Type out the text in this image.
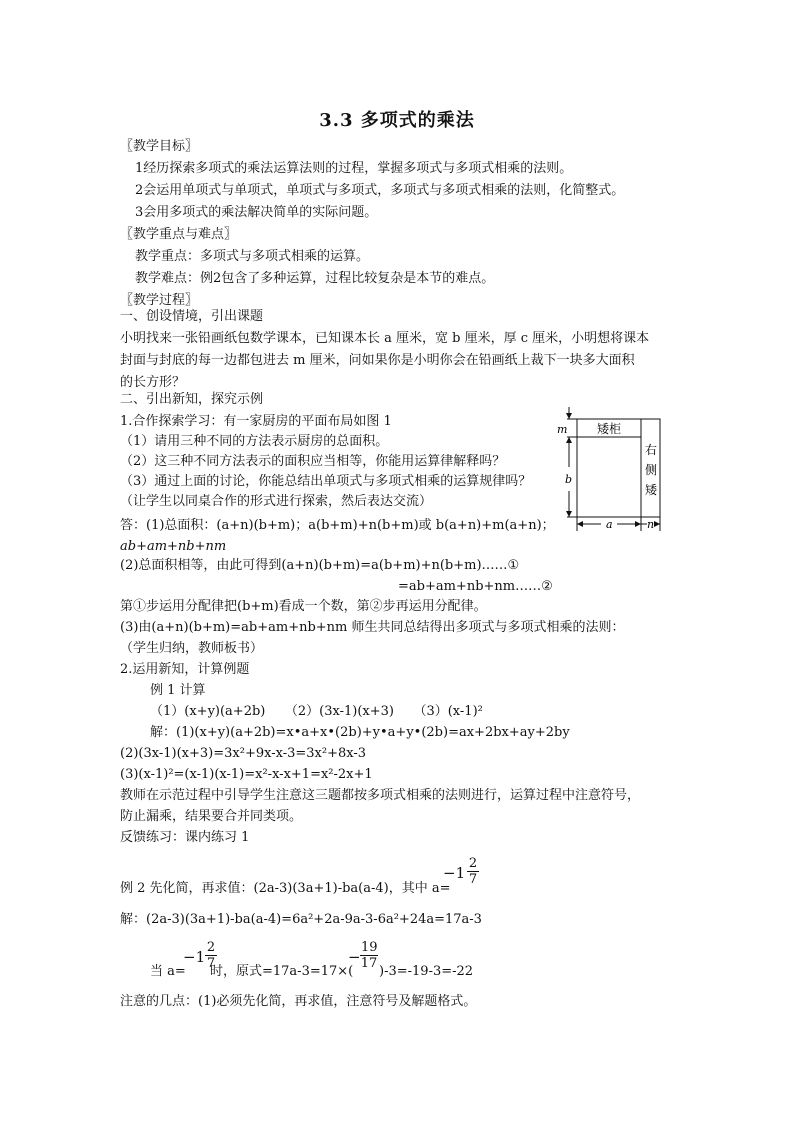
3.3 多项式的乘法
〖教学目标〗
1经历探索多项式的乘法运算法则的过程，掌握多项式与多项式相乘的法则。
2会运用单项式与单项式，单项式与多项式，多项式与多项式相乘的法则，化简整式。
3会用多项式的乘法解决简单的实际问题。
〖教学重点与难点〗
教学重点：多项式与多项式相乘的运算。
教学难点：例2包含了多种运算，过程比较复杂是本节的难点。
〖教学过程〗
一、创设情境，引出课题
小明找来一张铅画纸包数学课本，已知课本长 a 厘米，宽 b 厘米，厚 c 厘米，小明想将课本
封面与封底的每一边都包进去 m 厘米，问如果你是小明你会在铅画纸上裁下一块多大面积
的长方形？
二、引出新知，探究示例
1.合作探索学习：有一家厨房的平面布局如图 1
（1）请用三种不同的方法表示厨房的总面积。
（2）这三种不同方法表示的面积应当相等，你能用运算律解释吗？
（3）通过上面的讨论，你能总结出单项式与多项式相乘的运算规律吗？
（让学生以同桌合作的形式进行探索，然后表达交流）
答：(1)总面积：(a+n)(b+m)；a(b+m)+n(b+m)或 b(a+n)+m(a+n)；
ab+am+nb+nm
(2)总面积相等，由此可得到(a+n)(b+m)=a(b+m)+n(b+m)……①
=ab+am+nb+nm……②
第①步运用分配律把(b+m)看成一个数，第②步再运用分配律。
(3)由(a+n)(b+m)=ab+am+nb+nm 师生共同总结得出多项式与多项式相乘的法则：
（学生归纳，教师板书）
2.运用新知，计算例题
例 1 计算
（1）(x+y)(a+2b)　　（2）(3x-1)(x+3)　　（3）(x-1)²
解：(1)(x+y)(a+2b)=x•a+x•(2b)+y•a+y•(2b)=ax+2bx+ay+2by
(2)(3x-1)(x+3)=3x²+9x-x-3=3x²+8x-3
(3)(x-1)²=(x-1)(x-1)=x²-x-x+1=x²-2x+1
教师在示范过程中引导学生注意这三题都按多项式相乘的法则进行，运算过程中注意符号，
防止漏乘，结果要合并同类项。
反馈练习：课内练习 1
例 2 先化简，再求值：(2a-3)(3a+1)-ba(a-4)，其中 a=
$-1 \frac{2}{7}$
解：(2a-3)(3a+1)-ba(a-4)=6a²+2a-9a-3-6a²+24a=17a-3
当 a=
$-1 \frac{2}{7}$
时，原式=17a-3=17×(
− $\frac{19}{17}$
)-3=-19-3=-22
注意的几点：(1)必须先化简，再求值，注意符号及解题格式。
m
b
a	n
矮柜
右
侧
矮
